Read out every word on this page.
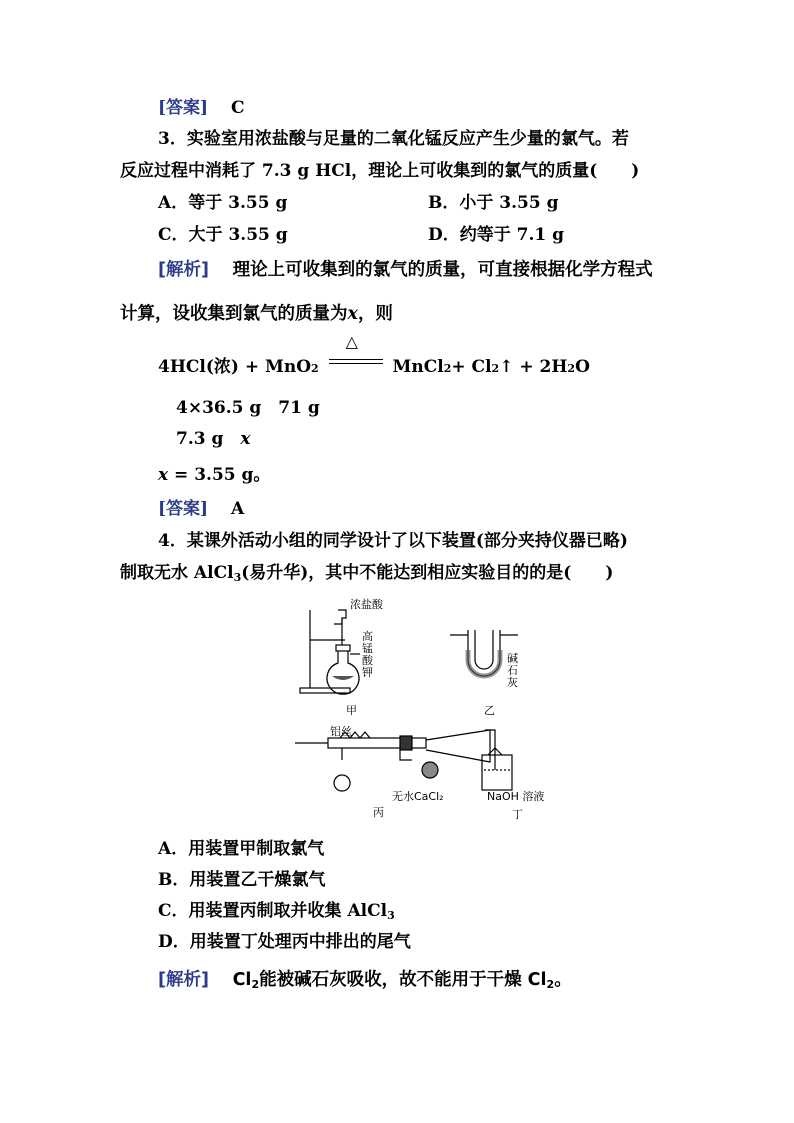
[答案]　 C
3．实验室用浓盐酸与足量的二氧化锰反应产生少量的氯气。若
反应过程中消耗了 7.3 g HCl，理论上可收集到的氯气的质量(　　)
A．等于 3.55 g	B．小于 3.55 g
C．大于 3.55 g	D．约等于 7.1 g
[解析]　 理论上可收集到的氯气的质量，可直接根据化学方程式
计算，设收集到氯气的质量为x，则
4HCl(浓) + MnO2
△
MnCl2+ Cl2↑ + 2H2O
4×36.5 g　71 g
7.3 g　x
x = 3.55 g。
[答案]　 A
4．某课外活动小组的同学设计了以下装置(部分夹持仪器已略)
制取无水 AlCl$_3$(易升华)，其中不能达到相应实验目的的是(　　)
浓盐酸
高
锰
酸
钾
碱
石
灰
甲	乙
铝丝
无水CaCl₂
丙
NaOH 溶液
丁
A．用装置甲制取氯气
B．用装置乙干燥氯气
C．用装置丙制取并收集 AlCl$_3$
D．用装置丁处理丙中排出的尾气
[解析]　 $Cl_2$能被碱石灰吸收，故不能用于干燥 $Cl_2$。
